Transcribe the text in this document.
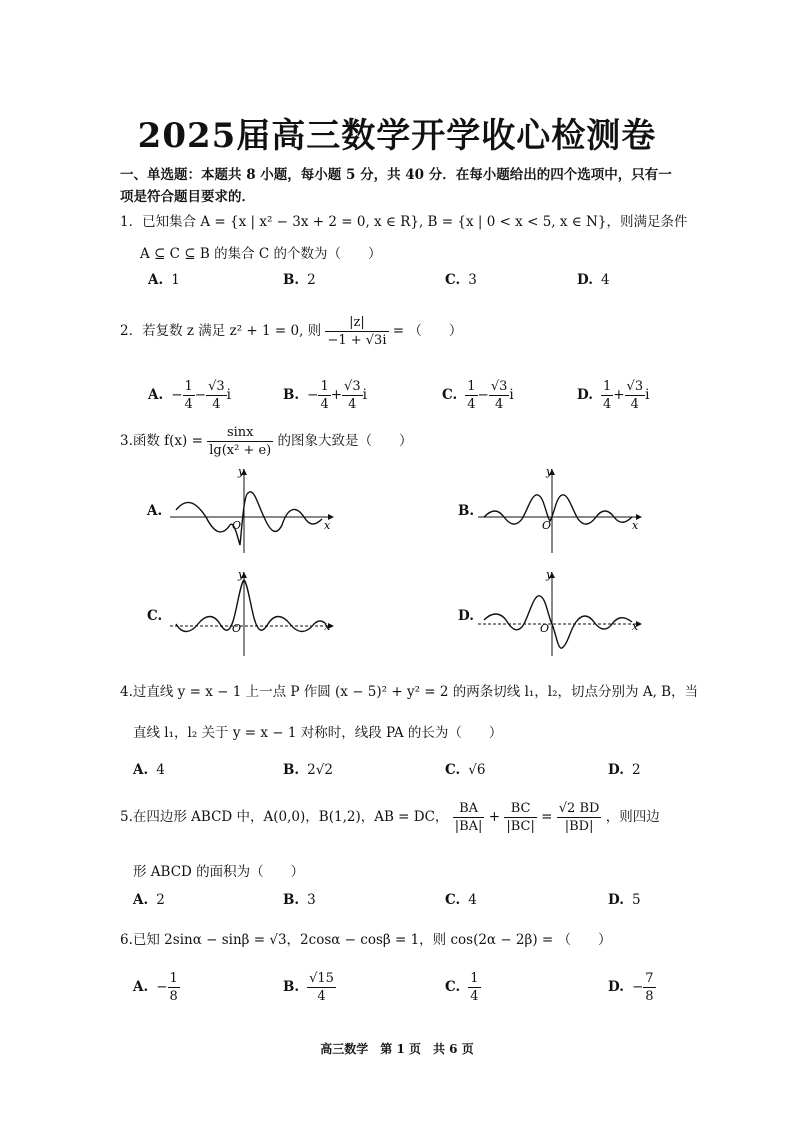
2025届高三数学开学收心检测卷
一、单选题：本题共 8 小题，每小题 5 分，共 40 分．在每小题给出的四个选项中，只有一
项是符合题目要求的．
1．已知集合 A = {x | x² − 3x + 2 = 0, x ∈ R}, B = {x | 0 < x < 5, x ∈ N}，则满足条件
A ⊆ C ⊆ B 的集合 C 的个数为（　　）
A. 1	B. 2	C. 3	D. 4
2．若复数 z 满足 z² + 1 = 0, 则 $\frac{|z|}{-1 + √3i}$ = （　　）
A. − $\frac{1}{4} - \frac{√3}{4}$ i	B. − $\frac{1}{4} + \frac{√3}{4}$ i	C. $\frac{1}{4} - \frac{√3}{4}$ i	D. $\frac{1}{4} + \frac{√3}{4}$ i
3.函数 $f(x) = \frac{\sin x}{\text{lg(x² + e)}}$ 的图象大致是（　　）
A.
y
x
O
B.
y
x
O
C.
y
x
O
D.
y
x
O
4.过直线 y = x − 1 上一点 P 作圆 (x − 5)² + y² = 2 的两条切线 l₁，l₂，切点分别为 A, B，当
直线 l₁，l₂ 关于 y = x − 1 对称时，线段 PA 的长为（　　）
A. 4	B. 2√2	C. √6	D. 2
5.在四边形 ABCD 中，A(0,0)，B(1,2)，AB = DC， $\frac{BA}{|BA|} + \frac{BC}{|BC|} = \frac{√2 BD}{|BD|}$ ，则四边
形 ABCD 的面积为（　　）
A. 2	B. 3	C. 4	D. 5
6.已知 2sinα − sinβ = √3，2cosα − cosβ = 1，则 cos(2α − 2β) = （　　）
A. − $\frac{1}{8}$	B. $\frac{√15}{4}$	C. $\frac{1}{4}$	D. − $\frac{7}{8}$
高三数学　第 1 页　共 6 页
